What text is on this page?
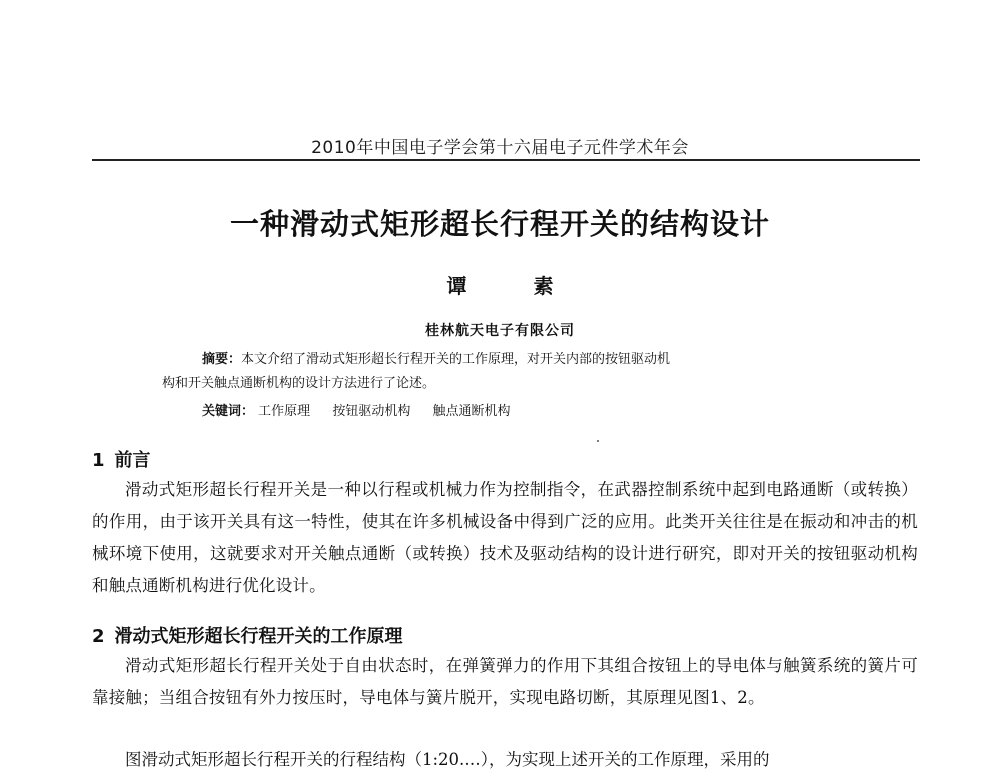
2010年中国电子学会第十六届电子元件学术年会
一种滑动式矩形超长行程开关的结构设计
谭 素
桂林航天电子有限公司
摘要：本文介绍了滑动式矩形超长行程开关的工作原理，对开关内部的按钮驱动机
构和开关触点通断机构的设计方法进行了论述。
关键词： 工作原理 按钮驱动机构 触点通断机构
1 前言
滑动式矩形超长行程开关是一种以行程或机械力作为控制指令，在武器控制系统中起到电路通断（或转换）的作用，由于该开关具有这一特性，使其在许多机械设备中得到广泛的应用。此类开关往往是在振动和冲击的机械环境下使用，这就要求对开关触点通断（或转换）技术及驱动结构的设计进行研究，即对开关的按钮驱动机构和触点通断机构进行优化设计。
2 滑动式矩形超长行程开关的工作原理
滑动式矩形超长行程开关处于自由状态时，在弹簧弹力的作用下其组合按钮上的导电体与触簧系统的簧片可靠接触；当组合按钮有外力按压时，导电体与簧片脱开，实现电路切断，其原理见图1、2。
图滑动式矩形超长行程开关的行程结构（1:20.…），为实现上述开关的工作原理，采用的
